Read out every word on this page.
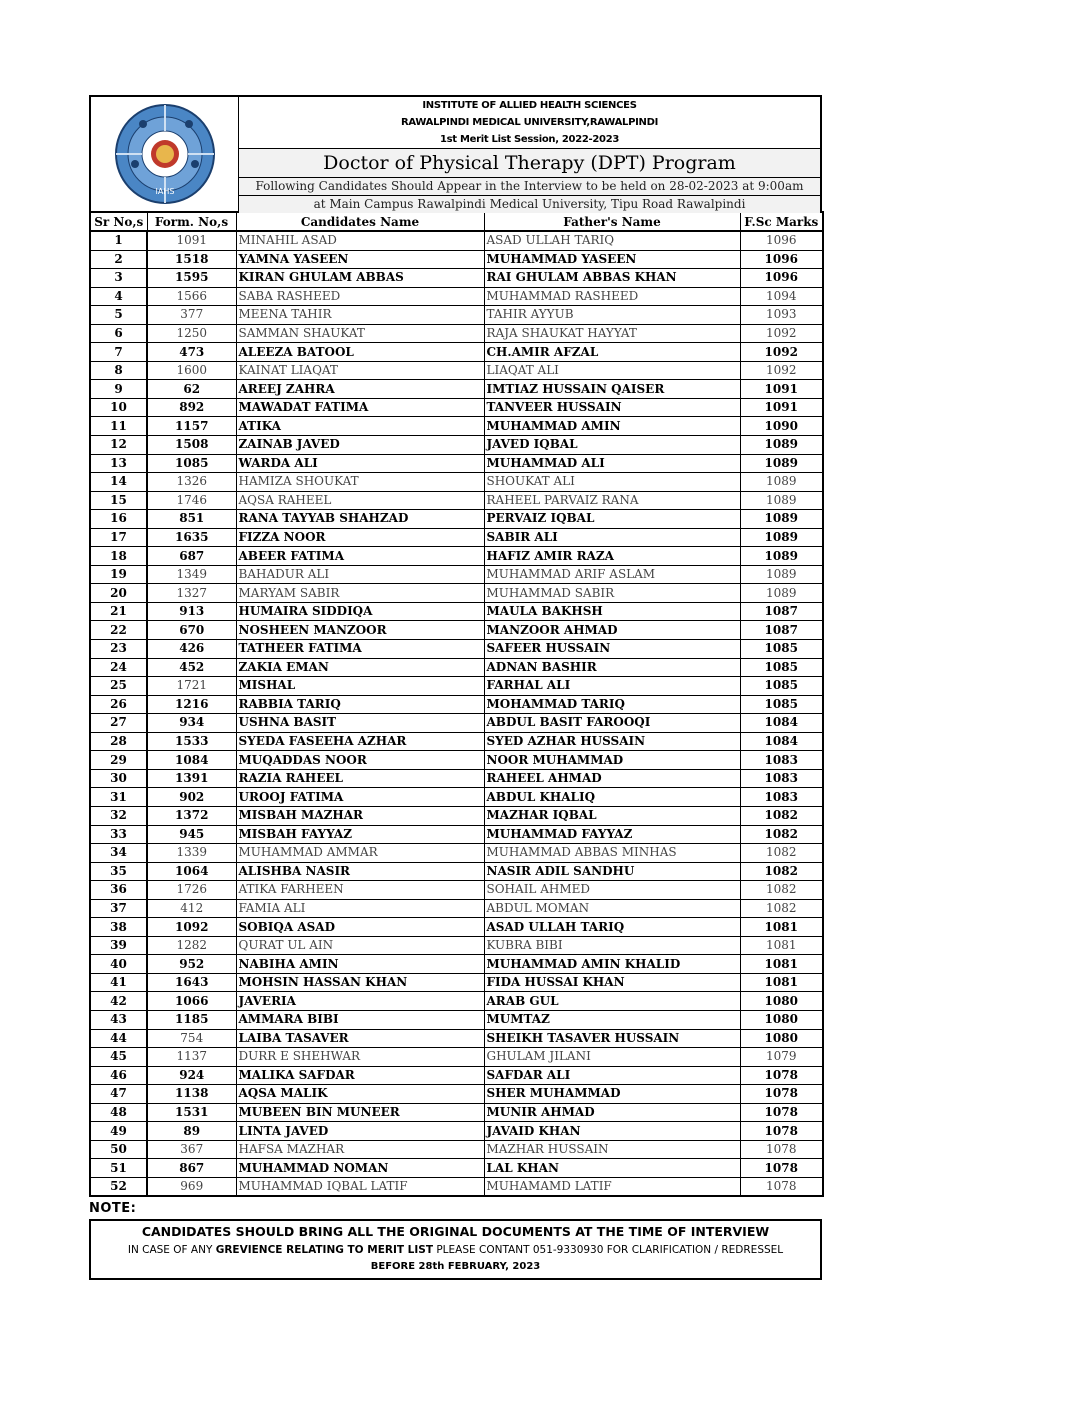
IAHS
INSTITUTE OF ALLIED HEALTH SCIENCES
RAWALPINDI MEDICAL UNIVERSITY,RAWALPINDI
1st Merit List Session, 2022-2023
Doctor of Physical Therapy (DPT) Program
Following Candidates Should Appear in the Interview to be held on 28-02-2023 at 9:00am
at Main Campus Rawalpindi Medical University, Tipu Road Rawalpindi
Sr No,s	Form. No,s	Candidates Name	Father's Name	F.Sc Marks
1	1091	MINAHIL ASAD	ASAD ULLAH TARIQ	1096
2	1518	YAMNA YASEEN	MUHAMMAD YASEEN	1096
3	1595	KIRAN GHULAM ABBAS	RAI GHULAM ABBAS KHAN	1096
4	1566	SABA RASHEED	MUHAMMAD RASHEED	1094
5	377	MEENA TAHIR	TAHIR AYYUB	1093
6	1250	SAMMAN SHAUKAT	RAJA SHAUKAT HAYYAT	1092
7	473	ALEEZA BATOOL	CH.AMIR AFZAL	1092
8	1600	KAINAT LIAQAT	LIAQAT ALI	1092
9	62	AREEJ ZAHRA	IMTIAZ HUSSAIN QAISER	1091
10	892	MAWADAT FATIMA	TANVEER HUSSAIN	1091
11	1157	ATIKA	MUHAMMAD AMIN	1090
12	1508	ZAINAB JAVED	JAVED IQBAL	1089
13	1085	WARDA ALI	MUHAMMAD ALI	1089
14	1326	HAMIZA SHOUKAT	SHOUKAT ALI	1089
15	1746	AQSA RAHEEL	RAHEEL PARVAIZ RANA	1089
16	851	RANA TAYYAB SHAHZAD	PERVAIZ IQBAL	1089
17	1635	FIZZA NOOR	SABIR ALI	1089
18	687	ABEER FATIMA	HAFIZ AMIR RAZA	1089
19	1349	BAHADUR ALI	MUHAMMAD ARIF ASLAM	1089
20	1327	MARYAM SABIR	MUHAMMAD SABIR	1089
21	913	HUMAIRA SIDDIQA	MAULA BAKHSH	1087
22	670	NOSHEEN MANZOOR	MANZOOR AHMAD	1087
23	426	TATHEER FATIMA	SAFEER HUSSAIN	1085
24	452	ZAKIA EMAN	ADNAN BASHIR	1085
25	1721	MISHAL	FARHAL ALI	1085
26	1216	RABBIA TARIQ	MOHAMMAD TARIQ	1085
27	934	USHNA BASIT	ABDUL BASIT FAROOQI	1084
28	1533	SYEDA FASEEHA AZHAR	SYED AZHAR HUSSAIN	1084
29	1084	MUQADDAS NOOR	NOOR MUHAMMAD	1083
30	1391	RAZIA RAHEEL	RAHEEL AHMAD	1083
31	902	UROOJ FATIMA	ABDUL KHALIQ	1083
32	1372	MISBAH MAZHAR	MAZHAR IQBAL	1082
33	945	MISBAH FAYYAZ	MUHAMMAD FAYYAZ	1082
34	1339	MUHAMMAD AMMAR	MUHAMMAD ABBAS MINHAS	1082
35	1064	ALISHBA NASIR	NASIR ADIL SANDHU	1082
36	1726	ATIKA FARHEEN	SOHAIL AHMED	1082
37	412	FAMIA ALI	ABDUL MOMAN	1082
38	1092	SOBIQA ASAD	ASAD ULLAH TARIQ	1081
39	1282	QURAT UL AIN	KUBRA BIBI	1081
40	952	NABIHA AMIN	MUHAMMAD AMIN KHALID	1081
41	1643	MOHSIN HASSAN KHAN	FIDA HUSSAI KHAN	1081
42	1066	JAVERIA	ARAB GUL	1080
43	1185	AMMARA BIBI	MUMTAZ	1080
44	754	LAIBA TASAVER	SHEIKH TASAVER HUSSAIN	1080
45	1137	DURR E SHEHWAR	GHULAM JILANI	1079
46	924	MALIKA SAFDAR	SAFDAR ALI	1078
47	1138	AQSA MALIK	SHER MUHAMMAD	1078
48	1531	MUBEEN BIN MUNEER	MUNIR AHMAD	1078
49	89	LINTA JAVED	JAVAID KHAN	1078
50	367	HAFSA MAZHAR	MAZHAR HUSSAIN	1078
51	867	MUHAMMAD NOMAN	LAL KHAN	1078
52	969	MUHAMMAD IQBAL LATIF	MUHAMAMD LATIF	1078
NOTE:
CANDIDATES SHOULD BRING ALL THE ORIGINAL DOCUMENTS AT THE TIME OF INTERVIEW
IN CASE OF ANY GREVIENCE RELATING TO MERIT LIST PLEASE CONTANT 051-9330930 FOR CLARIFICATION / REDRESSEL
BEFORE 28th FEBRUARY, 2023
